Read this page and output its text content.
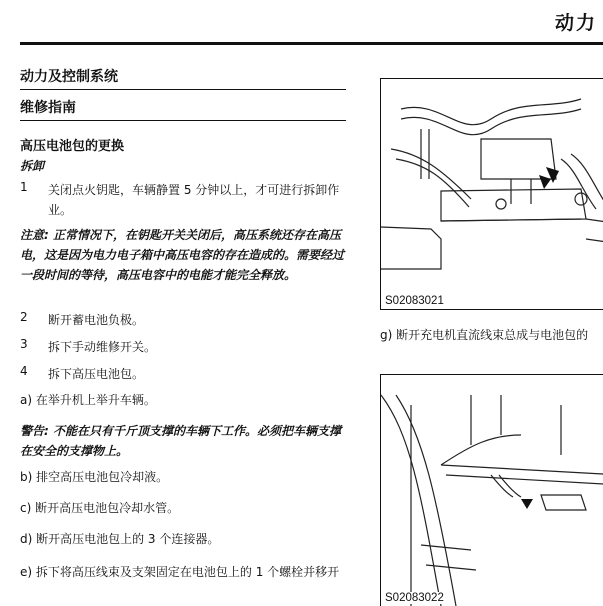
动力
动力及控制系统
维修指南
高压电池包的更换
拆卸
1 关闭点火钥匙，车辆静置 5 分钟以上，才可进行拆卸作业。
注意: 正常情况下，在钥匙开关关闭后，高压系统还存在高压电，这是因为电力电子箱中高压电容的存在造成的。需要经过一段时间的等待，高压电容中的电能才能完全释放。
2 断开蓄电池负极。
3 拆下手动维修开关。
4 拆下高压电池包。
a) 在举升机上举升车辆。
警告: 不能在只有千斤顶支撑的车辆下工作。必须把车辆支撑在安全的支撑物上。
b) 排空高压电池包冷却液。
c) 断开高压电池包冷却水管。
d) 断开高压电池包上的 3 个连接器。
e) 拆下将高压线束及支架固定在电池包上的 1 个螺栓并移开
S02083021
g) 断开充电机直流线束总成与电池包的
S02083022
